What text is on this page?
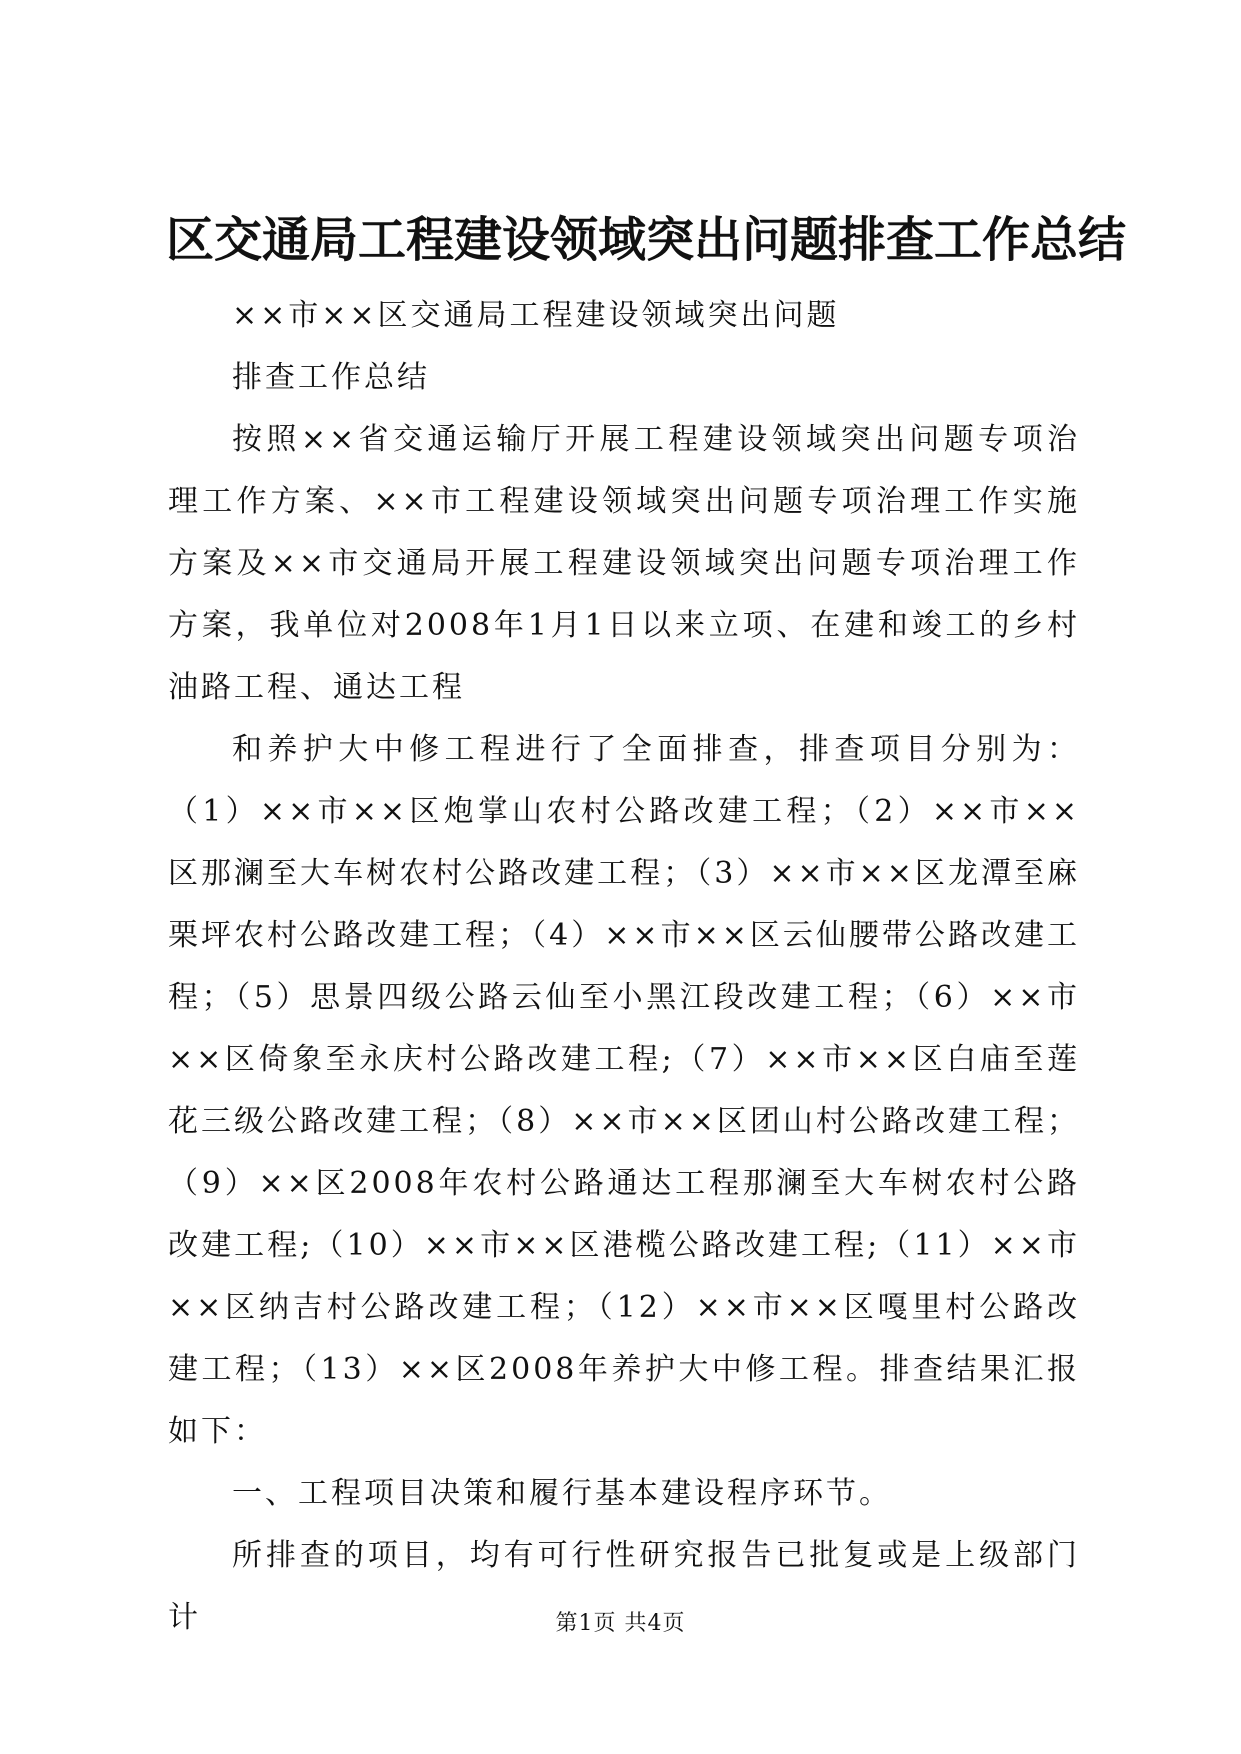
区交通局工程建设领域突出问题排查工作总结

××市××区交通局工程建设领域突出问题

排查工作总结

按照××省交通运输厅开展工程建设领域突出问题专项治理工作方案、××市工程建设领域突出问题专项治理工作实施方案及××市交通局开展工程建设领域突出问题专项治理工作方案，我单位对2008年1月1日以来立项、在建和竣工的乡村油路工程、通达工程

和养护大中修工程进行了全面排查，排查项目分别为：（1）××市××区炮掌山农村公路改建工程；（2）××市××区那澜至大车树农村公路改建工程；（3）××市××区龙潭至麻栗坪农村公路改建工程；（4）××市××区云仙腰带公路改建工程；（5）思景四级公路云仙至小黑江段改建工程；（6）××市××区倚象至永庆村公路改建工程;（7）××市××区白庙至莲花三级公路改建工程；（8）××市××区团山村公路改建工程；（9）××区2008年农村公路通达工程那澜至大车树农村公路改建工程;（10）××市××区港榄公路改建工程;（11）××市××区纳吉村公路改建工程；（12）××市××区嘎里村公路改建工程；（13）××区2008年养护大中修工程。排查结果汇报如下：

一、工程项目决策和履行基本建设程序环节。

所排查的项目，均有可行性研究报告已批复或是上级部门计	第1页 共4页
